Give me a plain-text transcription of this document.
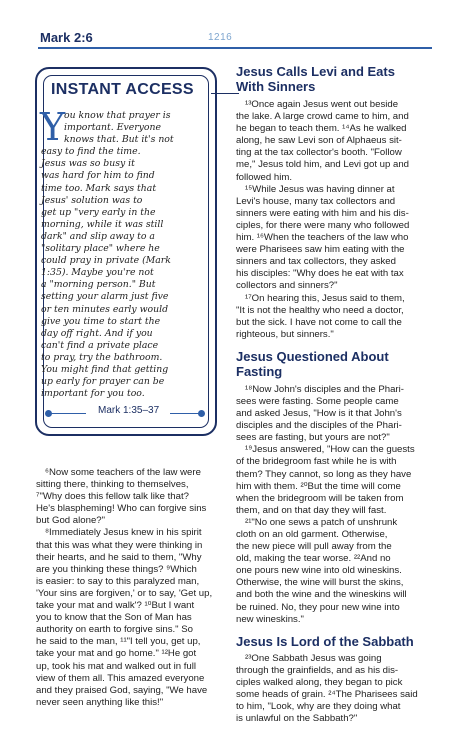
Mark 2:6	1216
INSTANT ACCESS
Y
ou know that prayer is
important. Everyone
knows that. But it's not
easy to find the time.
Jesus was so busy it
was hard for him to find
time too. Mark says that
Jesus' solution was to
get up "very early in the
morning, while it was still
dark" and slip away to a
"solitary place" where he
could pray in private (Mark
1:35). Maybe you're not
a "morning person." But
setting your alarm just five
or ten minutes early would
give you time to start the
day off right. And if you
can't find a private place
to pray, try the bathroom.
You might find that getting
up early for prayer can be
important for you too.
Mark 1:35–37
⁶Now some teachers of the law were
sitting there, thinking to themselves,
⁷"Why does this fellow talk like that?
He's blaspheming! Who can forgive sins
but God alone?"
⁸Immediately Jesus knew in his spirit
that this was what they were thinking in
their hearts, and he said to them, "Why
are you thinking these things? ⁹Which
is easier: to say to this paralyzed man,
'Your sins are forgiven,' or to say, 'Get up,
take your mat and walk'? ¹⁰But I want
you to know that the Son of Man has
authority on earth to forgive sins." So
he said to the man, ¹¹"I tell you, get up,
take your mat and go home." ¹²He got
up, took his mat and walked out in full
view of them all. This amazed everyone
and they praised God, saying, "We have
never seen anything like this!"
Jesus Calls Levi and Eats
With Sinners
¹³Once again Jesus went out beside
the lake. A large crowd came to him, and
he began to teach them. ¹⁴As he walked
along, he saw Levi son of Alphaeus sit-
ting at the tax collector's booth. "Follow
me," Jesus told him, and Levi got up and
followed him.
¹⁵While Jesus was having dinner at
Levi's house, many tax collectors and
sinners were eating with him and his dis-
ciples, for there were many who followed
him. ¹⁶When the teachers of the law who
were Pharisees saw him eating with the
sinners and tax collectors, they asked
his disciples: "Why does he eat with tax
collectors and sinners?"
¹⁷On hearing this, Jesus said to them,
"It is not the healthy who need a doctor,
but the sick. I have not come to call the
righteous, but sinners."
Jesus Questioned About
Fasting
¹⁸Now John's disciples and the Phari-
sees were fasting. Some people came
and asked Jesus, "How is it that John's
disciples and the disciples of the Phari-
sees are fasting, but yours are not?"
¹⁹Jesus answered, "How can the guests
of the bridegroom fast while he is with
them? They cannot, so long as they have
him with them. ²⁰But the time will come
when the bridegroom will be taken from
them, and on that day they will fast.
²¹"No one sews a patch of unshrunk
cloth on an old garment. Otherwise,
the new piece will pull away from the
old, making the tear worse. ²²And no
one pours new wine into old wineskins.
Otherwise, the wine will burst the skins,
and both the wine and the wineskins will
be ruined. No, they pour new wine into
new wineskins."
Jesus Is Lord of the Sabbath
²³One Sabbath Jesus was going
through the grainfields, and as his dis-
ciples walked along, they began to pick
some heads of grain. ²⁴The Pharisees said
to him, "Look, why are they doing what
is unlawful on the Sabbath?"
